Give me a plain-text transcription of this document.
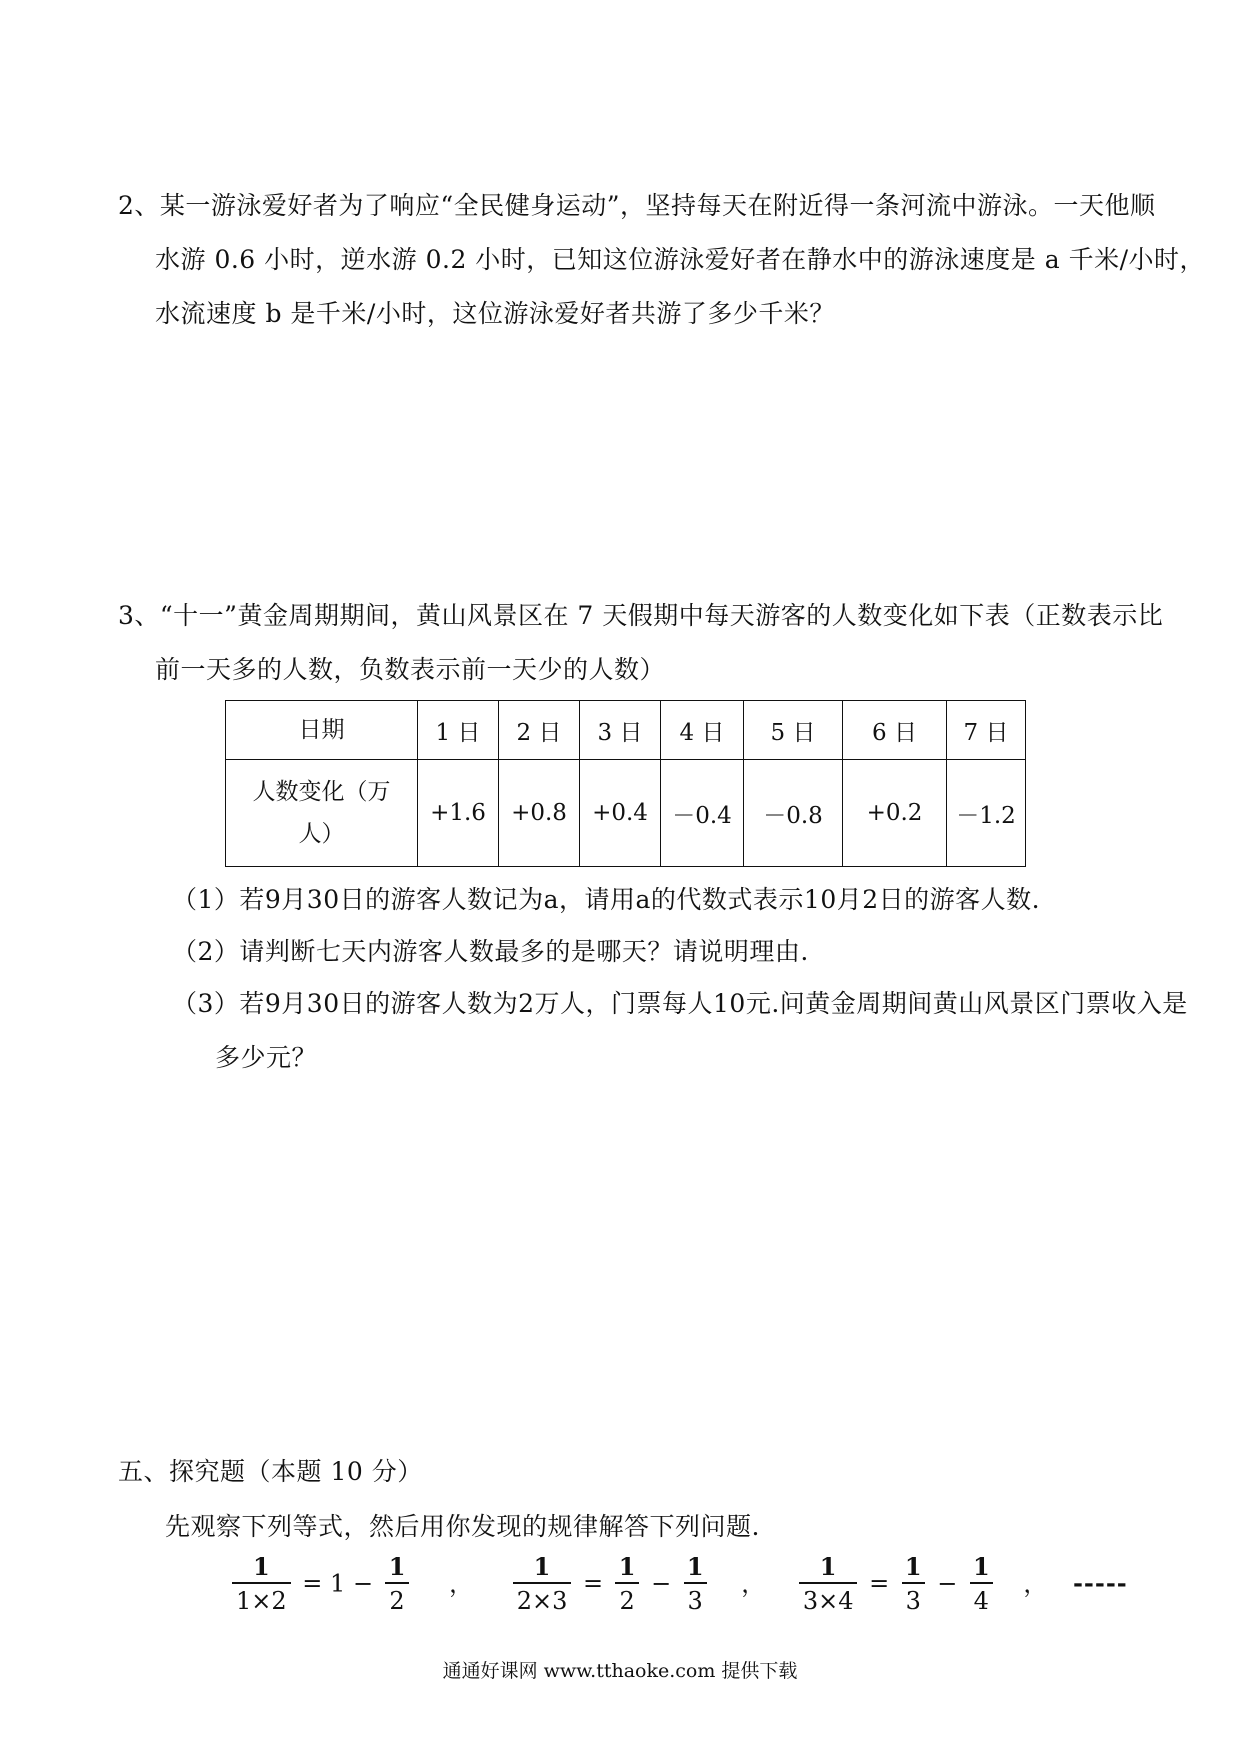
2、某一游泳爱好者为了响应“全民健身运动”，坚持每天在附近得一条河流中游泳。一天他顺
水游 0.6 小时，逆水游 0.2 小时，已知这位游泳爱好者在静水中的游泳速度是 a 千米/小时，
水流速度 b 是千米/小时，这位游泳爱好者共游了多少千米？
3、“十一”黄金周期期间，黄山风景区在 7 天假期中每天游客的人数变化如下表（正数表示比
前一天多的人数，负数表示前一天少的人数）
日期	1 日	2 日	3 日	4 日	5 日	6 日	7 日

人数变化（万
人）	+1.6	+0.8	+0.4	－0.4	－0.8	+0.2	－1.2
（1）若9月30日的游客人数记为a，请用a的代数式表示10月2日的游客人数.
（2）请判断七天内游客人数最多的是哪天？请说明理由.
（3）若9月30日的游客人数为2万人，门票每人10元.问黄金周期间黄山风景区门票收入是
多少元？
五、探究题（本题 10 分）
先观察下列等式，然后用你发现的规律解答下列问题.
$\frac{1}{1\times 2} = 1 - \frac{1}{2}$ ， $\frac{1}{2\times 3} = \frac{1}{2} - \frac{1}{3}$ ， $\frac{1}{3\times 4} = \frac{1}{3} - \frac{1}{4}$ ， -----
通通好课网 www.tthaoke.com 提供下载
